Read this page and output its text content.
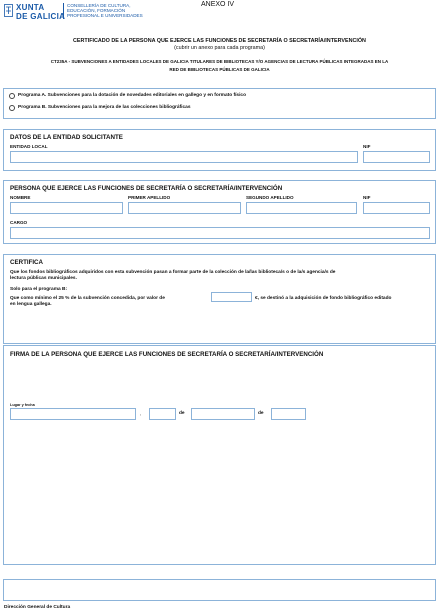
XUNTA
DE GALICIA
CONSELLERÍA DE CULTURA,
EDUCACIÓN, FORMACIÓN
PROFESIONAL E UNIVERSIDADES
ANEXO IV
CERTIFICADO DE LA PERSONA QUE EJERCE LAS FUNCIONES DE SECRETARÍA O SECRETARÍA/INTERVENCIÓN
(cubrir un anexo para cada programa)
CT235A - SUBVENCIONES A ENTIDADES LOCALES DE GALICIA TITULARES DE BIBLIOTECAS Y/O AGENCIAS DE LECTURA PÚBLICAS INTEGRADAS EN LA
RED DE BIBLIOTECAS PÚBLICAS DE GALICIA
Programa A. Subvenciones para la dotación de novedades editoriales en gallego y en formato físico
Programa B. Subvenciones para la mejora de las colecciones bibliográficas
DATOS DE LA ENTIDAD SOLICITANTE
ENTIDAD LOCAL	NIF
PERSONA QUE EJERCE LAS FUNCIONES DE SECRETARÍA O SECRETARÍA/INTERVENCIÓN
NOMBRE	PRIMER APELLIDO	SEGUNDO APELLIDO	NIF
CARGO
CERTIFICA
Que los fondos bibliográficos adquiridos con esta subvención pasan a formar parte de la colección de la/las biblioteca/s o de la/s agencia/s de
lectura públicas municipales.
Solo para el programa B:
Que como mínimo el 25 % de la subvención concedida, por valor de	€, se destinó a la adquisición de fondo bibliográfico editado
en lengua gallega.
FIRMA DE LA PERSONA QUE EJERCE LAS FUNCIONES DE SECRETARÍA O SECRETARÍA/INTERVENCIÓN
Lugar y fecha
,	de	de
Dirección General de Cultura
